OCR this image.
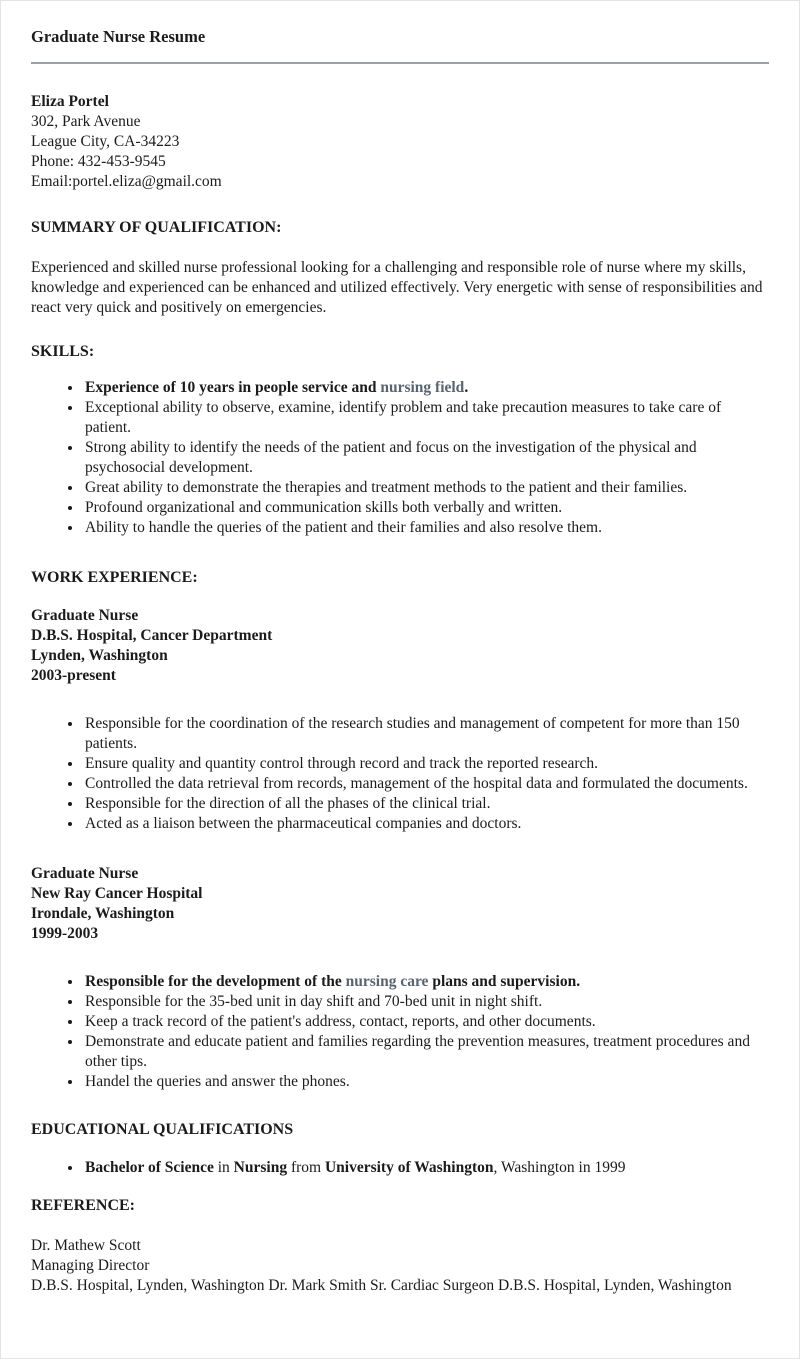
Graduate Nurse Resume

Eliza Portel

302, Park Avenue

League City, CA-34223

Phone: 432-453-9545

Email:portel.eliza@gmail.com

SUMMARY OF QUALIFICATION:

Experienced and skilled nurse professional looking for a challenging and responsible role of nurse where my skills, knowledge and experienced can be enhanced and utilized effectively. Very energetic with sense of responsibilities and react very quick and positively on emergencies.

SKILLS:

• Experience of 10 years in people service and nursing field.
• Exceptional ability to observe, examine, identify problem and take precaution measures to take care of patient.
• Strong ability to identify the needs of the patient and focus on the investigation of the physical and psychosocial development.
• Great ability to demonstrate the therapies and treatment methods to the patient and their families.
• Profound organizational and communication skills both verbally and written.
• Ability to handle the queries of the patient and their families and also resolve them.

WORK EXPERIENCE:

Graduate Nurse

D.B.S. Hospital, Cancer Department

Lynden, Washington

2003-present

• Responsible for the coordination of the research studies and management of competent for more than 150 patients.
• Ensure quality and quantity control through record and track the reported research.
• Controlled the data retrieval from records, management of the hospital data and formulated the documents.
• Responsible for the direction of all the phases of the clinical trial.
• Acted as a liaison between the pharmaceutical companies and doctors.

Graduate Nurse

New Ray Cancer Hospital

Irondale, Washington

1999-2003

• Responsible for the development of the nursing care plans and supervision.
• Responsible for the 35-bed unit in day shift and 70-bed unit in night shift.
• Keep a track record of the patient's address, contact, reports, and other documents.
• Demonstrate and educate patient and families regarding the prevention measures, treatment procedures and other tips.
• Handel the queries and answer the phones.

EDUCATIONAL QUALIFICATIONS

• Bachelor of Science in Nursing from University of Washington, Washington in 1999

REFERENCE:

Dr. Mathew Scott

Managing Director

D.B.S. Hospital, Lynden, Washington Dr. Mark Smith Sr. Cardiac Surgeon D.B.S. Hospital, Lynden, Washington
